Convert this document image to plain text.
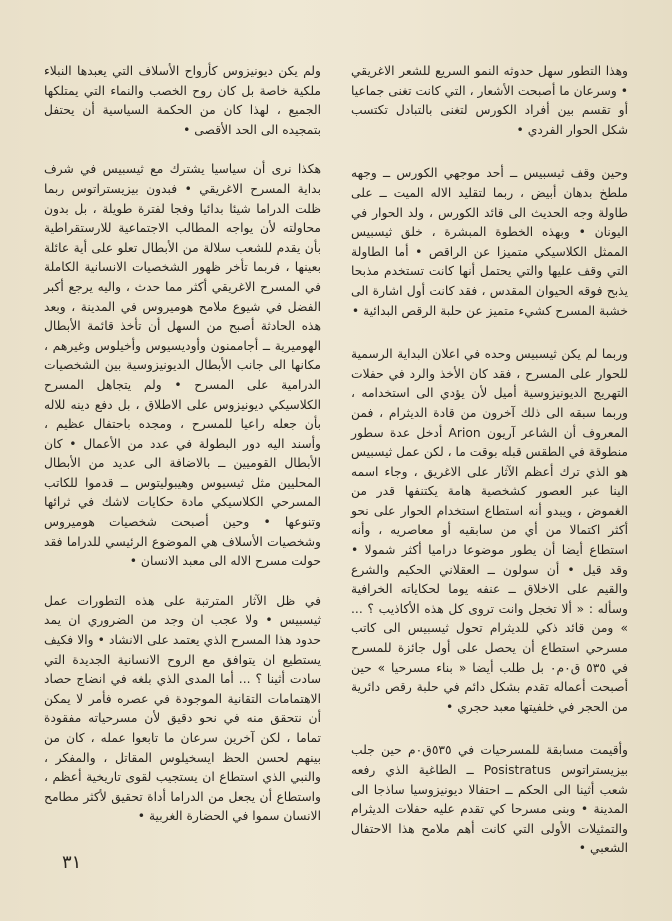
وهذا التطور سهل حدوثه النمو السريع للشعر الاغريقي • وسرعان ما أصبحت الأشعار ، التي كانت تغنى جماعيا أو تقسم بين أفراد الكورس لتغنى بالتبادل تكتسب شكل الحوار الفردي •

وحين وقف ثيسبيس ــ أحد موجهي الكورس ــ وجهه ملطخ بدهان أبيض ، ربما لتقليد الاله الميت ــ على طاولة وجه الحديث الى قائد الكورس ، ولد الحوار في اليونان • وبهذه الخطوة المبشرة ، خلق ثيسبيس الممثل الكلاسيكي متميزا عن الراقص • أما الطاولة التي وقف عليها والتي يحتمل أنها كانت تستخدم مذبحا يذبح فوقه الحيوان المقدس ، فقد كانت أول اشارة الى خشبة المسرح كشيء متميز عن حلبة الرقص البدائية •

وربما لم يكن ثيسبيس وحده في اعلان البداية الرسمية للحوار على المسرح ، فقد كان الأخذ والرد في حفلات التهريج الديونيزوسية أميل لأن يؤدي الى استخدامه ، وربما سبقه الى ذلك آخرون من قادة الديثرام ، فمن المعروف أن الشاعر آريون Arion أدخل عدة سطور منطوقة في الطقس قبله بوقت ما ، لكن عمل ثيسبيس هو الذي ترك أعظم الآثار على الاغريق ، وجاء اسمه الينا عبر العصور كشخصية هامة يكتنفها قدر من الغموض ، ويبدو أنه استطاع استخدام الحوار على نحو أكثر اكتمالا من أي من سابقيه أو معاصريه ، وأنه استطاع أيضا أن يطور موضوعا دراميا أكثر شمولا • وقد قيل • أن سولون ــ العقلاني الحكيم والشرع والقيم على الاخلاق ــ عنفه يوما لحكاياته الخرافية وسأله : « ألا تخجل وانت تروى كل هذه الأكاذيب ؟ ... » ومن قائد ذكي للديثرام تحول ثيسبيس الى كاتب مسرحي استطاع أن يحصل على أول جائزة للمسرح في ٥٣٥ ق٠م٠ بل طلب أيضا « بناء مسرحيا » حين أصبحت أعماله تقدم بشكل دائم في حلبة رقص دائرية من الحجر في خلفيتها معبد حجري •

وأقيمت مسابقة للمسرحيات في ٥٣٥ق٠م حين جلب بيزيستراتوس Posistratus ــ الطاغية الذي رفعه شعب أثينا الى الحكم ــ احتفالا ديونيزوسيا ساذجا الى المدينة • وبنى مسرحا كي تقدم عليه حفلات الديثرام والتمثيلات الأولى التي كانت أهم ملامح هذا الاحتفال الشعبي •

ولم يكن ديونيزوس كأرواح الأسلاف التي يعبدها النبلاء ملكية خاصة بل كان روح الخصب والنماء التي يمتلكها الجميع ، لهذا كان من الحكمة السياسية أن يحتفل بتمجيده الى الحد الأقصى •

هكذا نرى أن سياسيا يشترك مع ثيسبيس في شرف بداية المسرح الاغريقي • فبدون بيزيستراتوس ربما ظلت الدراما شيئا بدائيا وفجا لفترة طويلة ، بل بدون محاولته لأن يواجه المطالب الاجتماعية للارستقراطية بأن يقدم للشعب سلالة من الأبطال تعلو على أية عائلة بعينها ، فربما تأخر ظهور الشخصيات الانسانية الكاملة في المسرح الاغريقي أكثر مما حدث ، واليه يرجع أكبر الفضل في شيوع ملامح هوميروس في المدينة ، وبعد هذه الحادثة أصبح من السهل أن تأخذ قائمة الأبطال الهوميرية ــ أجاممنون وأوديسيوس وأخيلوس وغيرهم ، مكانها الى جانب الأبطال الديونيزوسية بين الشخصيات الدرامية على المسرح • ولم يتجاهل المسرح الكلاسيكي ديونيزوس على الاطلاق ، بل دفع دينه للاله بأن جعله راعيا للمسرح ، ومجده باحتفال عظيم ، وأسند اليه دور البطولة في عدد من الأعمال • كان الأبطال القوميين ــ بالاضافة الى عديد من الأبطال المحليين مثل ثيسيوس وهيبوليتوس ــ قدموا للكاتب المسرحي الكلاسيكي مادة حكايات لاشك في ثرائها وتنوعها • وحين أصبحت شخصيات هوميروس وشخصيات الأسلاف هي الموضوع الرئيسي للدراما فقد حولت مسرح الاله الى معبد الانسان •

في ظل الآثار المترتبة على هذه التطورات عمل ثيسبيس • ولا عجب ان وجد من الضروري ان يمد حدود هذا المسرح الذي يعتمد على الانشاد • والا فكيف يستطيع ان يتوافق مع الروح الانسانية الجديدة التي سادت أثينا ؟ ... أما المدى الذي بلغه في انضاج حصاد الاهتمامات التقانية الموجودة في عصره فأمر لا يمكن أن نتحقق منه في نحو دقيق لأن مسرحياته مفقودة تماما ، لكن آخرين سرعان ما تابعوا عمله ، كان من بينهم لحسن الحظ ايسخيلوس المقاتل ، والمفكر ، والنبي الذي استطاع ان يستجيب لقوى تاريخية أعظم ، واستطاع أن يجعل من الدراما أداة تحقيق لأكثر مطامح الانسان سموا في الحضارة الغربية •

٣١
